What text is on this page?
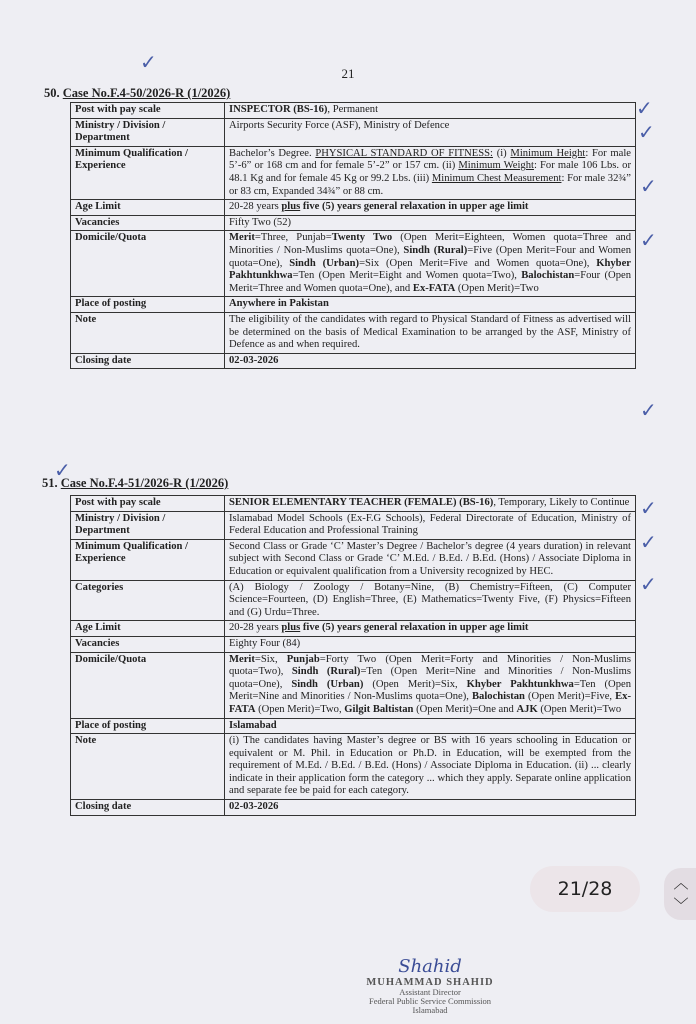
21
50. Case No.F.4-50/2026-R (1/2026)
Post with pay scale	INSPECTOR (BS-16), Permanent
Ministry / Division / Department	Airports Security Force (ASF), Ministry of Defence
Minimum Qualification / Experience	Bachelor’s Degree. PHYSICAL STANDARD OF FITNESS: (i) Minimum Height: For male 5’-6” or 168 cm and for female 5’-2” or 157 cm. (ii) Minimum Weight: For male 106 Lbs. or 48.1 Kg and for female 45 Kg or 99.2 Lbs. (iii) Minimum Chest Measurement: For male 32¾” or 83 cm, Expanded 34¾” or 88 cm.
Age Limit	20-28 years plus five (5) years general relaxation in upper age limit
Vacancies	Fifty Two (52)
Domicile/Quota	Merit=Three, Punjab=Twenty Two (Open Merit=Eighteen, Women quota=Three and Minorities / Non-Muslims quota=One), Sindh (Rural)=Five (Open Merit=Four and Women quota=One), Sindh (Urban)=Six (Open Merit=Five and Women quota=One), Khyber Pakhtunkhwa=Ten (Open Merit=Eight and Women quota=Two), Balochistan=Four (Open Merit=Three and Women quota=One), and Ex-FATA (Open Merit)=Two
Place of posting	Anywhere in Pakistan
Note	The eligibility of the candidates with regard to Physical Standard of Fitness as advertised will be determined on the basis of Medical Examination to be arranged by the ASF, Ministry of Defence as and when required.
Closing date	02-03-2026
51. Case No.F.4-51/2026-R (1/2026)
Post with pay scale	SENIOR ELEMENTARY TEACHER (FEMALE) (BS-16), Temporary, Likely to Continue
Ministry / Division / Department	Islamabad Model Schools (Ex-F.G Schools), Federal Directorate of Education, Ministry of Federal Education and Professional Training
Minimum Qualification / Experience	Second Class or Grade ‘C’ Master’s Degree / Bachelor’s degree (4 years duration) in relevant subject with Second Class or Grade ‘C’ M.Ed. / B.Ed. / B.Ed. (Hons) / Associate Diploma in Education or equivalent qualification from a University recognized by HEC.
Categories	(A) Biology / Zoology / Botany=Nine, (B) Chemistry=Fifteen, (C) Computer Science=Fourteen, (D) English=Three, (E) Mathematics=Twenty Five, (F) Physics=Fifteen and (G) Urdu=Three.
Age Limit	20-28 years plus five (5) years general relaxation in upper age limit
Vacancies	Eighty Four (84)
Domicile/Quota	Merit=Six, Punjab=Forty Two (Open Merit=Forty and Minorities / Non-Muslims quota=Two), Sindh (Rural)=Ten (Open Merit=Nine and Minorities / Non-Muslims quota=One), Sindh (Urban) (Open Merit)=Six, Khyber Pakhtunkhwa=Ten (Open Merit=Nine and Minorities / Non-Muslims quota=One), Balochistan (Open Merit)=Five, Ex-FATA (Open Merit)=Two, Gilgit Baltistan (Open Merit)=One and AJK (Open Merit)=Two
Place of posting	Islamabad
Note	(i) The candidates having Master’s degree or BS with 16 years schooling in Education or equivalent or M. Phil. in Education or Ph.D. in Education, will be exempted from the requirement of M.Ed. / B.Ed. / B.Ed. (Hons) / Associate Diploma in Education. (ii) ... clearly indicate in their application form the category ... which they apply. Separate online application and separate fee be paid for each category.
Closing date	02-03-2026
✓
✓
✓
✓
✓
✓
✓
✓
✓
✓
Shahid
MUHAMMAD SHAHID
Assistant Director
Federal Public Service Commission
Islamabad
21/28	︿
﹀
